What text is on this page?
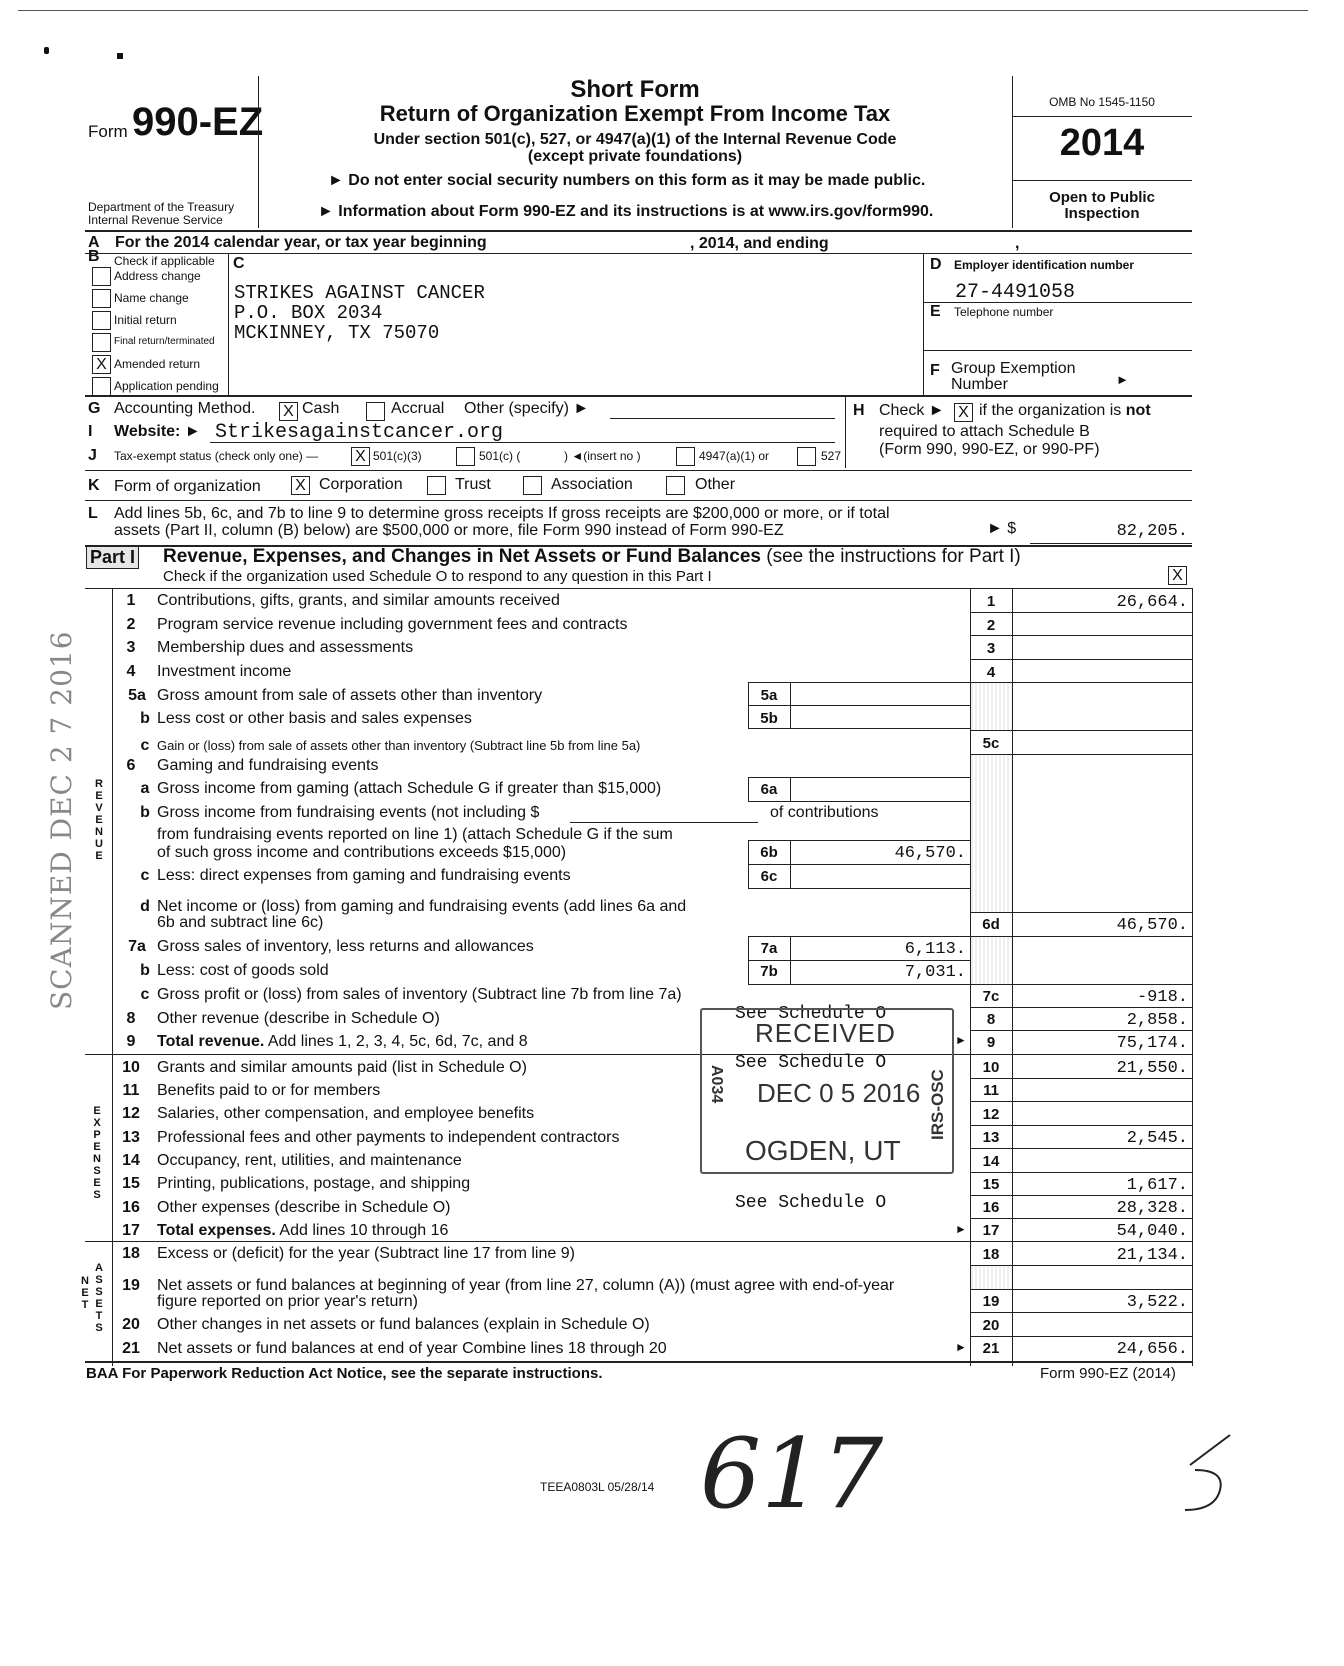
Form 990-EZ
Department of the Treasury
Internal Revenue Service
Short Form
Return of Organization Exempt From Income Tax
Under section 501(c), 527, or 4947(a)(1) of the Internal Revenue Code
(except private foundations)
► Do not enter social security numbers on this form as it may be made public.
► Information about Form 990-EZ and its instructions is at www.irs.gov/form990.
OMB No 1545-1150
2014
Open to Public
Inspection
A For the 2014 calendar year, or tax year beginning	, 2014, and ending	,
B Check if applicable
Address change
Name change
Initial return
Final return/terminated
X Amended return
Application pending
C
STRIKES AGAINST CANCER
P.O. BOX 2034
MCKINNEY, TX 75070
D Employer identification number
27-4491058
E Telephone number
F Group Exemption
Number	►
G Accounting Method. X Cash	Accrual Other (specify) ►	H Check ► X if the organization is not
required to attach Schedule B
(Form 990, 990-EZ, or 990-PF)
I Website: ► Strikesagainstcancer.org
J Tax-exempt status (check only one) — X 501(c)(3)	501(c) (	) ◄(insert no )	4947(a)(1) or	527
K Form of organization X Corporation	Trust	Association	Other
L Add lines 5b, 6c, and 7b to line 9 to determine gross receipts If gross receipts are $200,000 or more, or if total
assets (Part II, column (B) below) are $500,000 or more, file Form 990 instead of Form 990-EZ	► $	82,205.
Part I Revenue, Expenses, and Changes in Net Assets or Fund Balances (see the instructions for Part I)
Check if the organization used Schedule O to respond to any question in this Part I	X
R
E
V
E
N
U
E
E
X
P
E
N
S
E
S
A
S
S
E
T
S
N
E
T
1	Contributions, gifts, grants, and similar amounts received	1	26,664.
2	Program service revenue including government fees and contracts	2
3	Membership dues and assessments	3
4	Investment income	4
5a Gross amount from sale of assets other than inventory	5a
b Less cost or other basis and sales expenses	5b
c Gain or (loss) from sale of assets other than inventory (Subtract line 5b from line 5a)	5c
6	Gaming and fundraising events
a Gross income from gaming (attach Schedule G if greater than $15,000)	6a
b Gross income from fundraising events (not including $	of contributions
from fundraising events reported on line 1) (attach Schedule G if the sum
of such gross income and contributions exceeds $15,000)	6b	46,570.
c Less: direct expenses from gaming and fundraising events	6c
d Net income or (loss) from gaming and fundraising events (add lines 6a and
6b and subtract line 6c)	6d	46,570.
7a Gross sales of inventory, less returns and allowances	7a	6,113.
b Less: cost of goods sold	7b	7,031.
c Gross profit or (loss) from sales of inventory (Subtract line 7b from line 7a)	7c	-918.
8	Other revenue (describe in Schedule O)	See Schedule O	8	2,858.
9	Total revenue. Add lines 1, 2, 3, 4, 5c, 6d, 7c, and 8	►	9	75,174.
10 Grants and similar amounts paid (list in Schedule O)	See Schedule O	10	21,550.
11 Benefits paid to or for members	11
12 Salaries, other compensation, and employee benefits	12
13 Professional fees and other payments to independent contractors	13	2,545.
14 Occupancy, rent, utilities, and maintenance	14
15 Printing, publications, postage, and shipping	15	1,617.
16 Other expenses (describe in Schedule O)	See Schedule O	16	28,328.
17 Total expenses. Add lines 10 through 16	►	17	54,040.
18 Excess or (deficit) for the year (Subtract line 17 from line 9)	18	21,134.
19 Net assets or fund balances at beginning of year (from line 27, column (A)) (must agree with end-of-year
figure reported on prior year's return)	19	3,522.
20 Other changes in net assets or fund balances (explain in Schedule O)	20
21 Net assets or fund balances at end of year Combine lines 18 through 20	►	21	24,656.
BAA For Paperwork Reduction Act Notice, see the separate instructions.	Form 990-EZ (2014)
TEEA0803L 05/28/14
RECEIVED
DEC 0 5 2016
OGDEN, UT
IRS-OSC
A034
SCANNED DEC 2 7 2016
617
